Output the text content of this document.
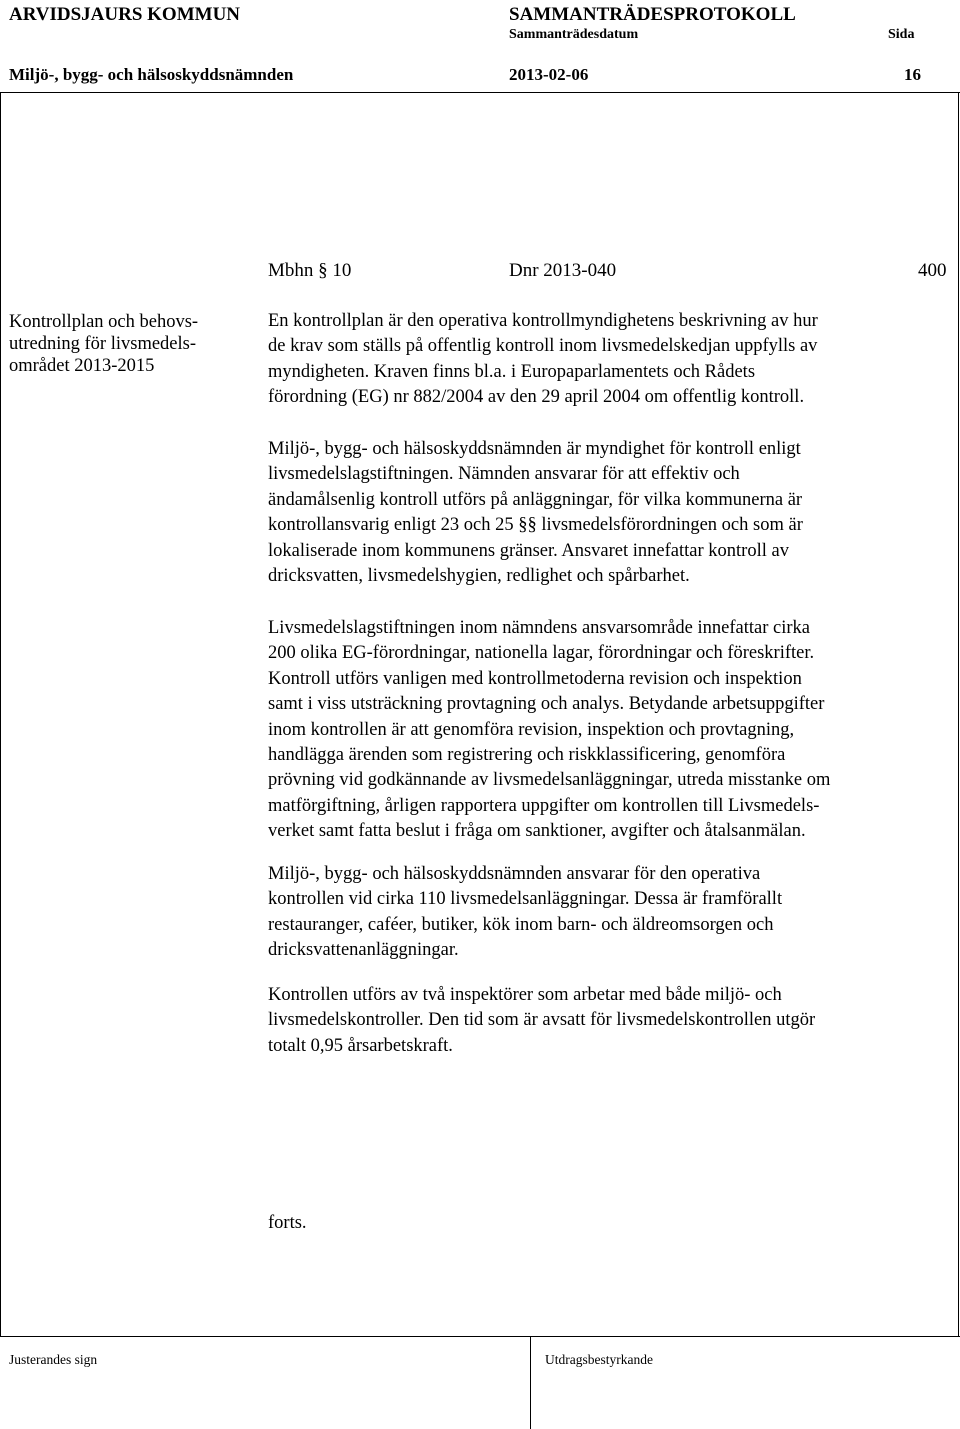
ARVIDSJAURS KOMMUN	SAMMANTRÄDESPROTOKOLL
Sammanträdesdatum	Sida
Miljö-, bygg- och hälsoskyddsnämnden	2013-02-06	16
Mbhn § 10	Dnr 2013-040	400
Kontrollplan och behovs-
utredning för livsmedels-
området 2013-2015
En kontrollplan är den operativa kontrollmyndighetens beskrivning av hur
de krav som ställs på offentlig kontroll inom livsmedelskedjan uppfylls av
myndigheten. Kraven finns bl.a. i Europaparlamentets och Rådets
förordning (EG) nr 882/2004 av den 29 april 2004 om offentlig kontroll.
Miljö-, bygg- och hälsoskyddsnämnden är myndighet för kontroll enligt
livsmedelslagstiftningen. Nämnden ansvarar för att effektiv och
ändamålsenlig kontroll utförs på anläggningar, för vilka kommunerna är
kontrollansvarig enligt 23 och 25 §§ livsmedelsförordningen och som är
lokaliserade inom kommunens gränser. Ansvaret innefattar kontroll av
dricksvatten, livsmedelshygien, redlighet och spårbarhet.
Livsmedelslagstiftningen inom nämndens ansvarsområde innefattar cirka
200 olika EG-förordningar, nationella lagar, förordningar och föreskrifter.
Kontroll utförs vanligen med kontrollmetoderna revision och inspektion
samt i viss utsträckning provtagning och analys. Betydande arbetsuppgifter
inom kontrollen är att genomföra revision, inspektion och provtagning,
handlägga ärenden som registrering och riskklassificering, genomföra
prövning vid godkännande av livsmedelsanläggningar, utreda misstanke om
matförgiftning, årligen rapportera uppgifter om kontrollen till Livsmedels-
verket samt fatta beslut i fråga om sanktioner, avgifter och åtalsanmälan.
Miljö-, bygg- och hälsoskyddsnämnden ansvarar för den operativa
kontrollen vid cirka 110 livsmedelsanläggningar. Dessa är framförallt
restauranger, caféer, butiker, kök inom barn- och äldreomsorgen och
dricksvattenanläggningar.
Kontrollen utförs av två inspektörer som arbetar med både miljö- och
livsmedelskontroller. Den tid som är avsatt för livsmedelskontrollen utgör
totalt 0,95 årsarbetskraft.
forts.
Justerandes sign	Utdragsbestyrkande
